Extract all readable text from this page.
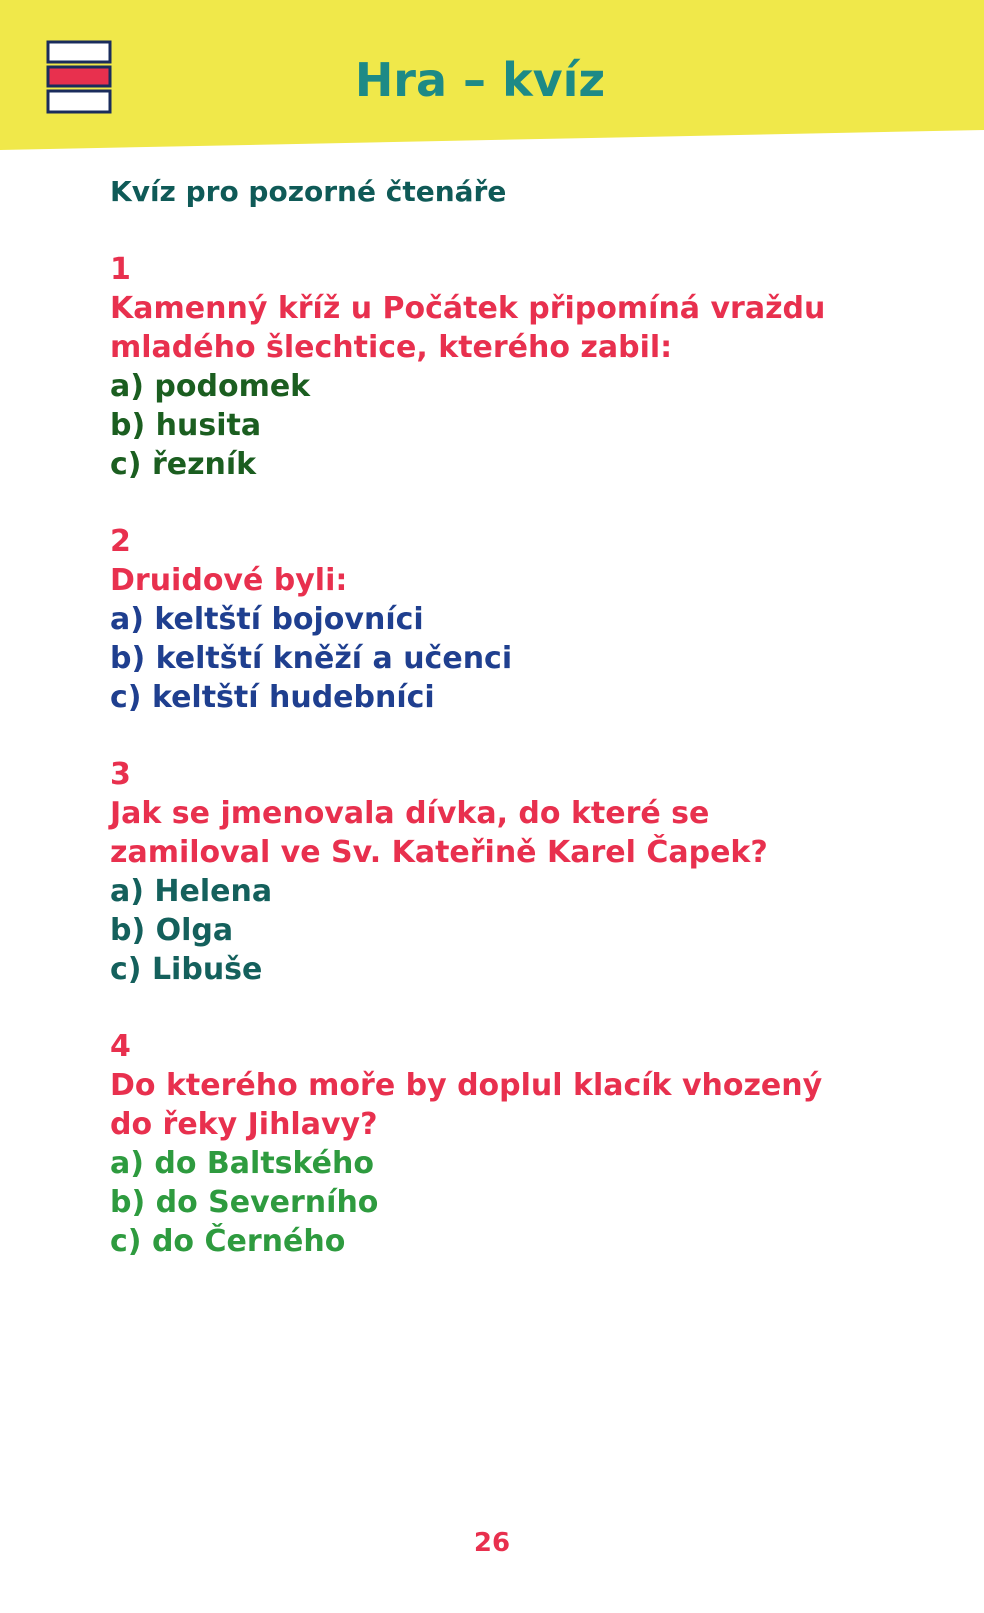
Hra – kvíz
Kvíz pro pozorné čtenáře
1
Kamenný kříž u Počátek připomíná vraždu
mladého šlechtice, kterého zabil:
a) podomek
b) husita
c) řezník
2
Druidové byli:
a) keltští bojovníci
b) keltští kněží a učenci
c) keltští hudebníci
3
Jak se jmenovala dívka, do které se
zamiloval ve Sv. Kateřině Karel Čapek?
a) Helena
b) Olga
c) Libuše
4
Do kterého moře by doplul klacík vhozený
do řeky Jihlavy?
a) do Baltského
b) do Severního
c) do Černého
26
